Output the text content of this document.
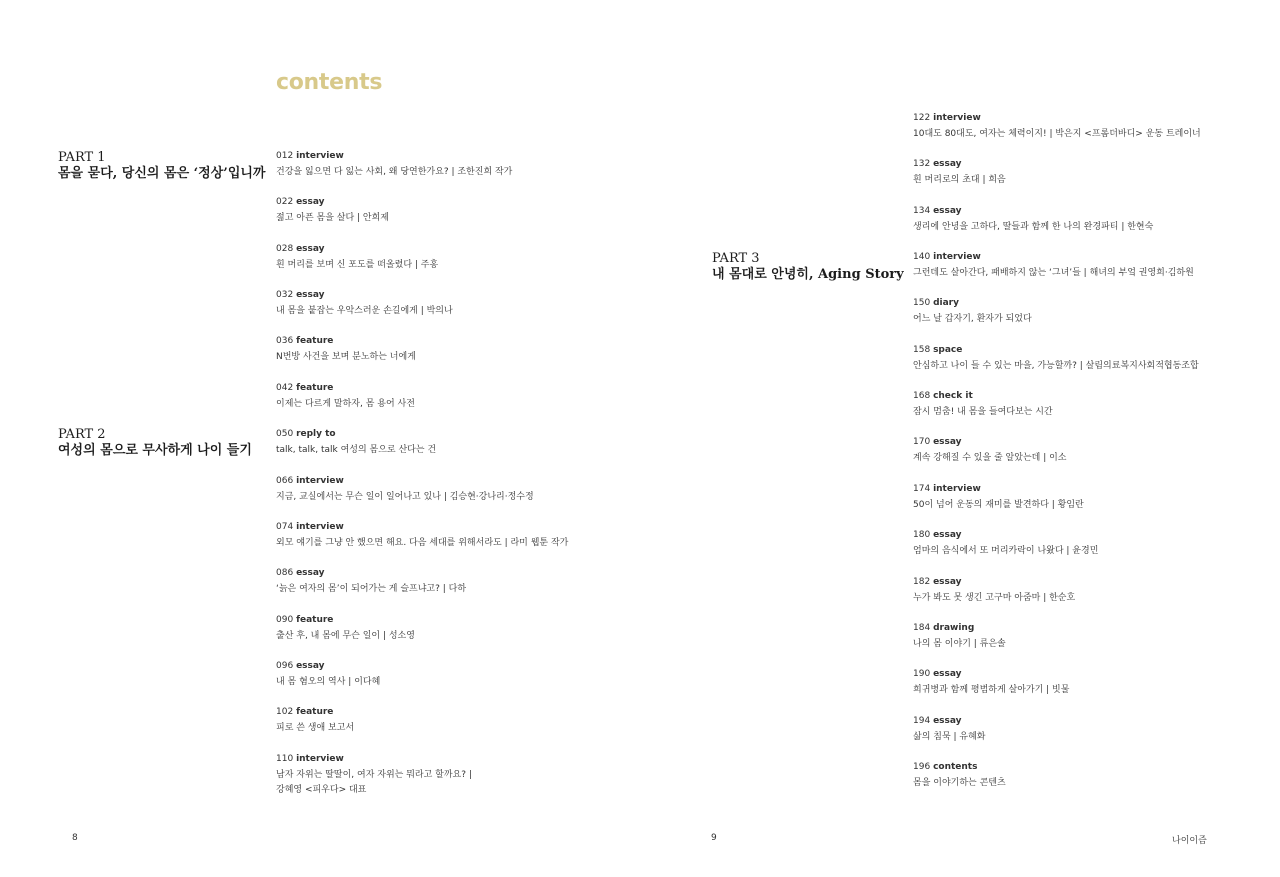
contents
PART 1
몸을 묻다, 당신의 몸은 ‘정상’입니까
PART 2
여성의 몸으로 무사하게 나이 들기
PART 3
내 몸대로 안녕히, Aging Story
012 interview
건강을 잃으면 다 잃는 사회, 왜 당연한가요? | 조한진희 작가
022 essay
젊고 아픈 몸을 살다 | 안희제
028 essay
흰 머리를 보며 신 포도를 떠올렸다 | 주홍
032 essay
내 몸을 붙잡는 우악스러운 손길에게 | 박의나
036 feature
N번방 사건을 보며 분노하는 너에게
042 feature
이제는 다르게 말하자, 몸 용어 사전
050 reply to
talk, talk, talk 여성의 몸으로 산다는 건
066 interview
지금, 교실에서는 무슨 일이 일어나고 있나 | 김승현·강나리·정수정
074 interview
외모 얘기를 그냥 안 했으면 해요. 다음 세대를 위해서라도 | 라미 웹툰 작가
086 essay
‘늙은 여자의 몸’이 되어가는 게 슬프냐고? | 다하
090 feature
출산 후, 내 몸에 무슨 일이 | 성소영
096 essay
내 몸 혐오의 역사 | 이다혜
102 feature
피로 쓴 생애 보고서
110 interview
남자 자위는 딸딸이, 여자 자위는 뭐라고 할까요? |
강혜영 <피우다> 대표
122 interview
10대도 80대도, 여자는 체력이지! | 박은지 <프롬더바디> 운동 트레이너
132 essay
흰 머리로의 초대 | 희음
134 essay
생리에 안녕을 고하다, 딸들과 함께 한 나의 완경파티 | 한현숙
140 interview
그런데도 살아간다, 패배하지 않는 ‘그녀’들 | 해녀의 부엌 권영희·김하원
150 diary
어느 날 갑자기, 환자가 되었다
158 space
안심하고 나이 들 수 있는 마을, 가능할까? | 살림의료복지사회적협동조합
168 check it
잠시 멈춤! 내 몸을 들여다보는 시간
170 essay
계속 강해질 수 있을 줄 알았는데 | 이소
174 interview
50이 넘어 운동의 재미를 발견하다 | 황임란
180 essay
엄마의 음식에서 또 머리카락이 나왔다 | 윤경민
182 essay
누가 봐도 못 생긴 고구마 아줌마 | 한순호
184 drawing
나의 몸 이야기 | 류은솔
190 essay
희귀병과 함께 평범하게 살아가기 | 빗물
194 essay
삶의 침묵 | 유혜화
196 contents
몸을 이야기하는 콘텐츠
8	9	나이이즘
